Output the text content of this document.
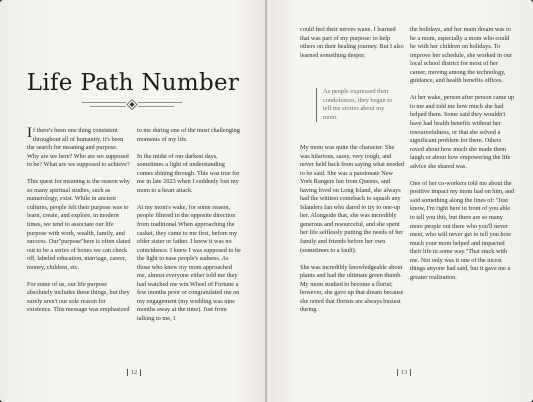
Life Path Number

If there's been one thing consistent throughout all of humanity, it's been the search for meaning and purpose. Why are we here? Who are we supposed to be? What are we supposed to achieve?

This quest for meaning is the reason why so many spiritual studies, such as numerology, exist. While in ancient cultures, people felt their purpose was to learn, create, and explore, in modern times, we tend to associate our life purpose with work, wealth, family, and success. Our"purpose"here is often slated out to be a series of boxes we can check off, labeled education, marriage, career, money, children, etc.

For some of us, our life purpose absolutely includes these things, but they surely aren't our sole reason for existence. This message was emphasized

to me during one of the most challenging moments of my life.

In the midst of our darkest days, sometimes a light of understanding comes shining through. This was true for me in late 2023 when I suddenly lost my mom to a heart attack.

At my mom's wake, for some reason, people filtered in the opposite direction from traditional.When approaching the casket, they came to me first, before my older sister or father. I knew it was no coincidence. I knew I was supposed to be the light to ease people's sadness. As those who knew my mom approached me, almost everyone either told me they had watched me win Wheel of Fortune a few months prior or congratulated me on my engagement (my wedding was nine months away at the time). Just from talking to me, I

12	13

could feel their nerves wane. I learned that was part of my purpose: to help others on their healing journey. But I also learned something deeper.

As people expressed their condolences, they began to tell me stories about my mom.

My mom was quite the character. She was hilarious, sassy, very tough, and never held back from saying what needed to be said. She was a passionate New York Rangers fan from Queens, and having lived on Long Island, she always had the wittiest comeback to squash any Islanders fan who dared to try to one-up her. Alongside that, she was incredibly generous and resourceful, and she spent her life selflessly putting the needs of her family and friends before her own (sometimes to a fault).

She was incredibly knowledgeable about plants and had the ultimate green thumb. My mom studied to become a florist; however, she gave up that dream because she noted that florists are always busiest during

the holidays, and her main dream was to be a mom, especially a mom who could be with her children on holidays. To improve her schedule, she worked in our local school district for most of her career, moving among the technology, guidance, and health benefits offices.

At her wake, person after person came up to me and told me how much she had helped them. Some said they wouldn't have had health benefits without her resourcefulness, or that she solved a significant problem for them. Others raved about how much she made them laugh or about how empowering the life advice she shared was.

One of her co-workers told me about the positive impact my mom had on him, and said something along the lines of: "Just know, I'm right here in front of you able to tell you this, but there are so many more people out there who you'll never meet, who will never get to tell you how much your mom helped and impacted their life in some way."That stuck with me. Not only was it one of the nicest things anyone had said, but it gave me a greater realization.
